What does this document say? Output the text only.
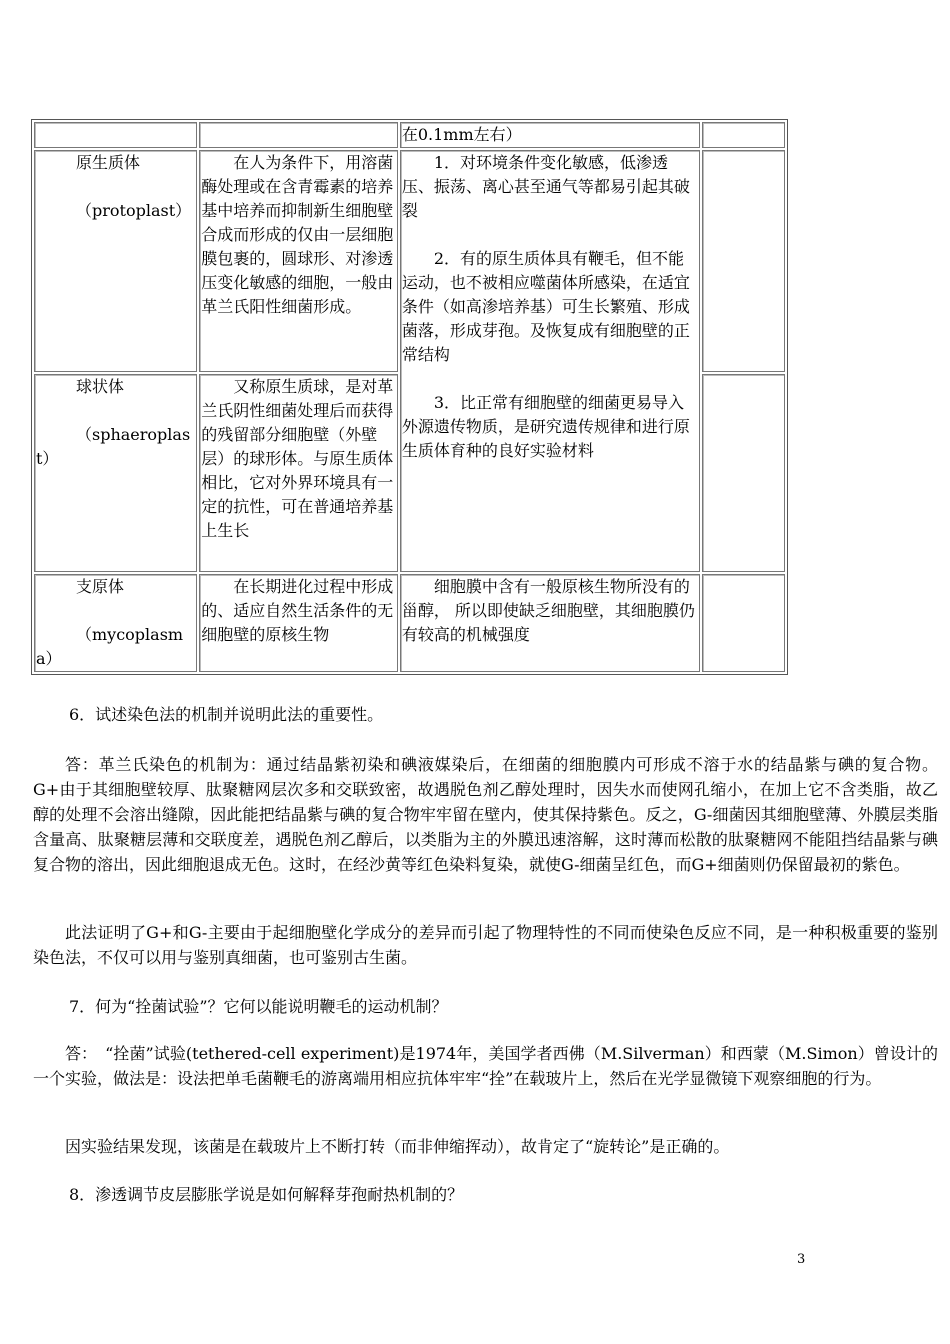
		在0.1mm左右）	

原生质体
（protoplast）	在人为条件下，用溶菌酶处理或在含青霉素的培养基中培养而抑制新生细胞壁合成而形成的仅由一层细胞膜包裹的，圆球形、对渗透压变化敏感的细胞，一般由革兰氏阳性细菌形成。	1．对环境条件变化敏感，低渗透压、振荡、离心甚至通气等都易引起其破裂
2．有的原生质体具有鞭毛，但不能运动，也不被相应噬菌体所感染，在适宜条件（如高渗培养基）可生长繁殖、形成菌落，形成芽孢。及恢复成有细胞壁的正常结构
3．比正常有细胞壁的细菌更易导入外源遗传物质，是研究遗传规律和进行原生质体育种的良好实验材料	

球状体
（sphaeroplast）	又称原生质球，是对革兰氏阴性细菌处理后而获得的残留部分细胞壁（外壁层）的球形体。与原生质体相比，它对外界环境具有一定的抗性，可在普通培养基上生长		

支原体
（mycoplasma）	在长期进化过程中形成的、适应自然生活条件的无细胞壁的原核生物	细胞膜中含有一般原核生物所没有的甾醇， 所以即使缺乏细胞壁，其细胞膜仍有较高的机械强度	
6．试述染色法的机制并说明此法的重要性。
答：革兰氏染色的机制为：通过结晶紫初染和碘液媒染后，在细菌的细胞膜内可形成不溶于水的结晶紫与碘的复合物。G+由于其细胞壁较厚、肽聚糖网层次多和交联致密，故遇脱色剂乙醇处理时，因失水而使网孔缩小，在加上它不含类脂，故乙醇的处理不会溶出缝隙，因此能把结晶紫与碘的复合物牢牢留在壁内，使其保持紫色。反之，G-细菌因其细胞壁薄、外膜层类脂含量高、肽聚糖层薄和交联度差，遇脱色剂乙醇后，以类脂为主的外膜迅速溶解，这时薄而松散的肽聚糖网不能阻挡结晶紫与碘复合物的溶出，因此细胞退成无色。这时，在经沙黄等红色染料复染，就使G-细菌呈红色，而G+细菌则仍保留最初的紫色。
此法证明了G+和G-主要由于起细胞壁化学成分的差异而引起了物理特性的不同而使染色反应不同，是一种积极重要的鉴别染色法，不仅可以用与鉴别真细菌，也可鉴别古生菌。
7．何为“拴菌试验”？它何以能说明鞭毛的运动机制？
答：　“拴菌”试验(tethered-cell experiment)是1974年，美国学者西佛（M.Silverman）和西蒙（M.Simon）曾设计的一个实验，做法是：设法把单毛菌鞭毛的游离端用相应抗体牢牢“拴”在载玻片上，然后在光学显微镜下观察细胞的行为。
因实验结果发现，该菌是在载玻片上不断打转（而非伸缩挥动），故肯定了“旋转论”是正确的。
8．渗透调节皮层膨胀学说是如何解释芽孢耐热机制的？
3
